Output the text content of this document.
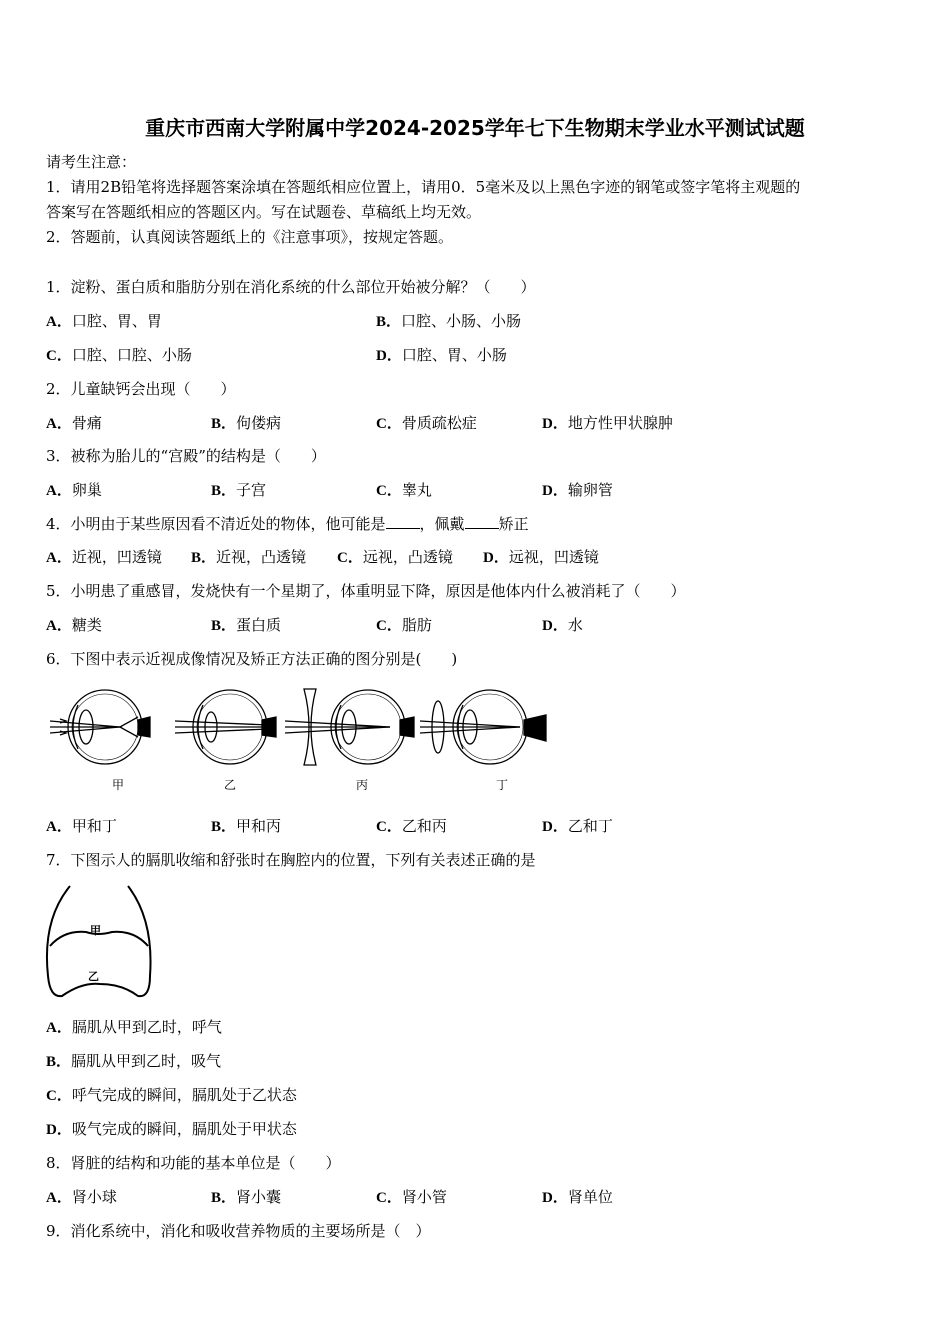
重庆市西南大学附属中学2024-2025学年七下生物期末学业水平测试试题
请考生注意：
1．请用2B铅笔将选择题答案涂填在答题纸相应位置上，请用0．5毫米及以上黑色字迹的钢笔或签字笔将主观题的
答案写在答题纸相应的答题区内。写在试题卷、草稿纸上均无效。
2．答题前，认真阅读答题纸上的《注意事项》，按规定答题。
1．淀粉、蛋白质和脂肪分别在消化系统的什么部位开始被分解？（　　）
A．口腔、胃、胃	B．口腔、小肠、小肠
C．口腔、口腔、小肠	D．口腔、胃、小肠
2．儿童缺钙会出现（　　）
A．骨痛	B．佝偻病	C．骨质疏松症	D．地方性甲状腺肿
3．被称为胎儿的“宫殿”的结构是（　　）
A．卵巢	B．子宫	C．睾丸	D．输卵管
4．小明由于某些原因看不清近处的物体，他可能是 ，佩戴 矫正
A．近视，凹透镜 B．近视，凸透镜 C．远视，凸透镜 D．远视，凹透镜
5．小明患了重感冒，发烧快有一个星期了，体重明显下降，原因是他体内什么被消耗了（　　）
A．糖类	B．蛋白质	C．脂肪	D．水
6．下图中表示近视成像情况及矫正方法正确的图分别是(　　)
甲	乙	丙	丁
A．甲和丁	B．甲和丙	C．乙和丙	D．乙和丁
7．下图示人的膈肌收缩和舒张时在胸腔内的位置，下列有关表述正确的是
甲
乙
A．膈肌从甲到乙时，呼气
B．膈肌从甲到乙时，吸气
C．呼气完成的瞬间，膈肌处于乙状态
D．吸气完成的瞬间，膈肌处于甲状态
8．肾脏的结构和功能的基本单位是（　　）
A．肾小球	B．肾小囊	C．肾小管	D．肾单位
9．消化系统中，消化和吸收营养物质的主要场所是（　）
